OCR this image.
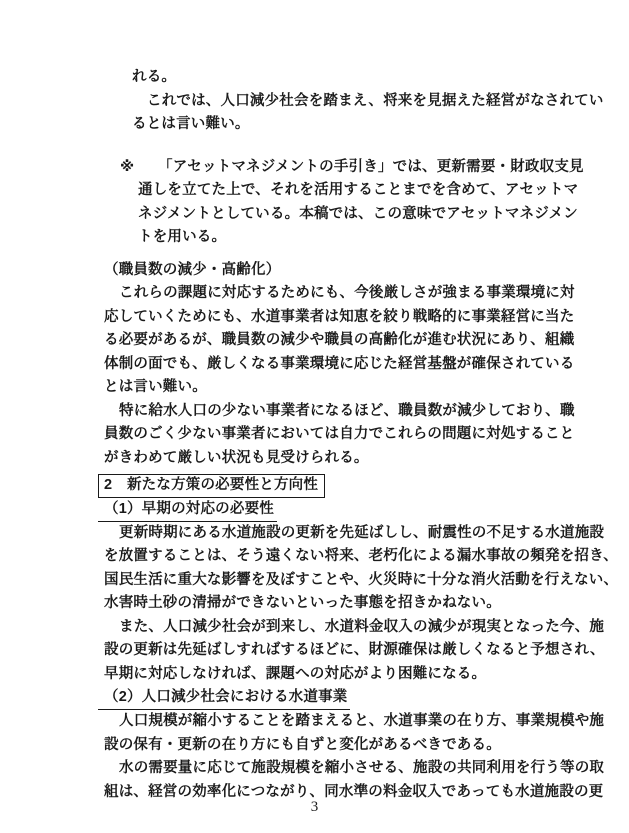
れる。
これでは、人口減少社会を踏まえ、将来を見据えた経営がなされてい
るとは言い難い。
※ 「アセットマネジメントの手引き」では、更新需要・財政収支見
通しを立てた上で、それを活用することまでを含めて、アセットマ
ネジメントとしている。本稿では、この意味でアセットマネジメン
トを用いる。
（職員数の減少・高齢化）
これらの課題に対応するためにも、今後厳しさが強まる事業環境に対
応していくためにも、水道事業者は知恵を絞り戦略的に事業経営に当た
る必要があるが、職員数の減少や職員の高齢化が進む状況にあり、組織
体制の面でも、厳しくなる事業環境に応じた経営基盤が確保されている
とは言い難い。
特に給水人口の少ない事業者になるほど、職員数が減少しており、職
員数のごく少ない事業者においては自力でこれらの問題に対処すること
がきわめて厳しい状況も見受けられる。
2　新たな方策の必要性と方向性
（1）早期の対応の必要性
更新時期にある水道施設の更新を先延ばしし、耐震性の不足する水道施設
を放置することは、そう遠くない将来、老朽化による漏水事故の頻発を招き、
国民生活に重大な影響を及ぼすことや、火災時に十分な消火活動を行えない、
水害時土砂の清掃ができないといった事態を招きかねない。
また、人口減少社会が到来し、水道料金収入の減少が現実となった今、施
設の更新は先延ばしすればするほどに、財源確保は厳しくなると予想され、
早期に対応しなければ、課題への対応がより困難になる。
（2）人口減少社会における水道事業
人口規模が縮小することを踏まえると、水道事業の在り方、事業規模や施
設の保有・更新の在り方にも自ずと変化があるべきである。
水の需要量に応じて施設規模を縮小させる、施設の共同利用を行う等の取
組は、経営の効率化につながり、同水準の料金収入であっても水道施設の更
3
